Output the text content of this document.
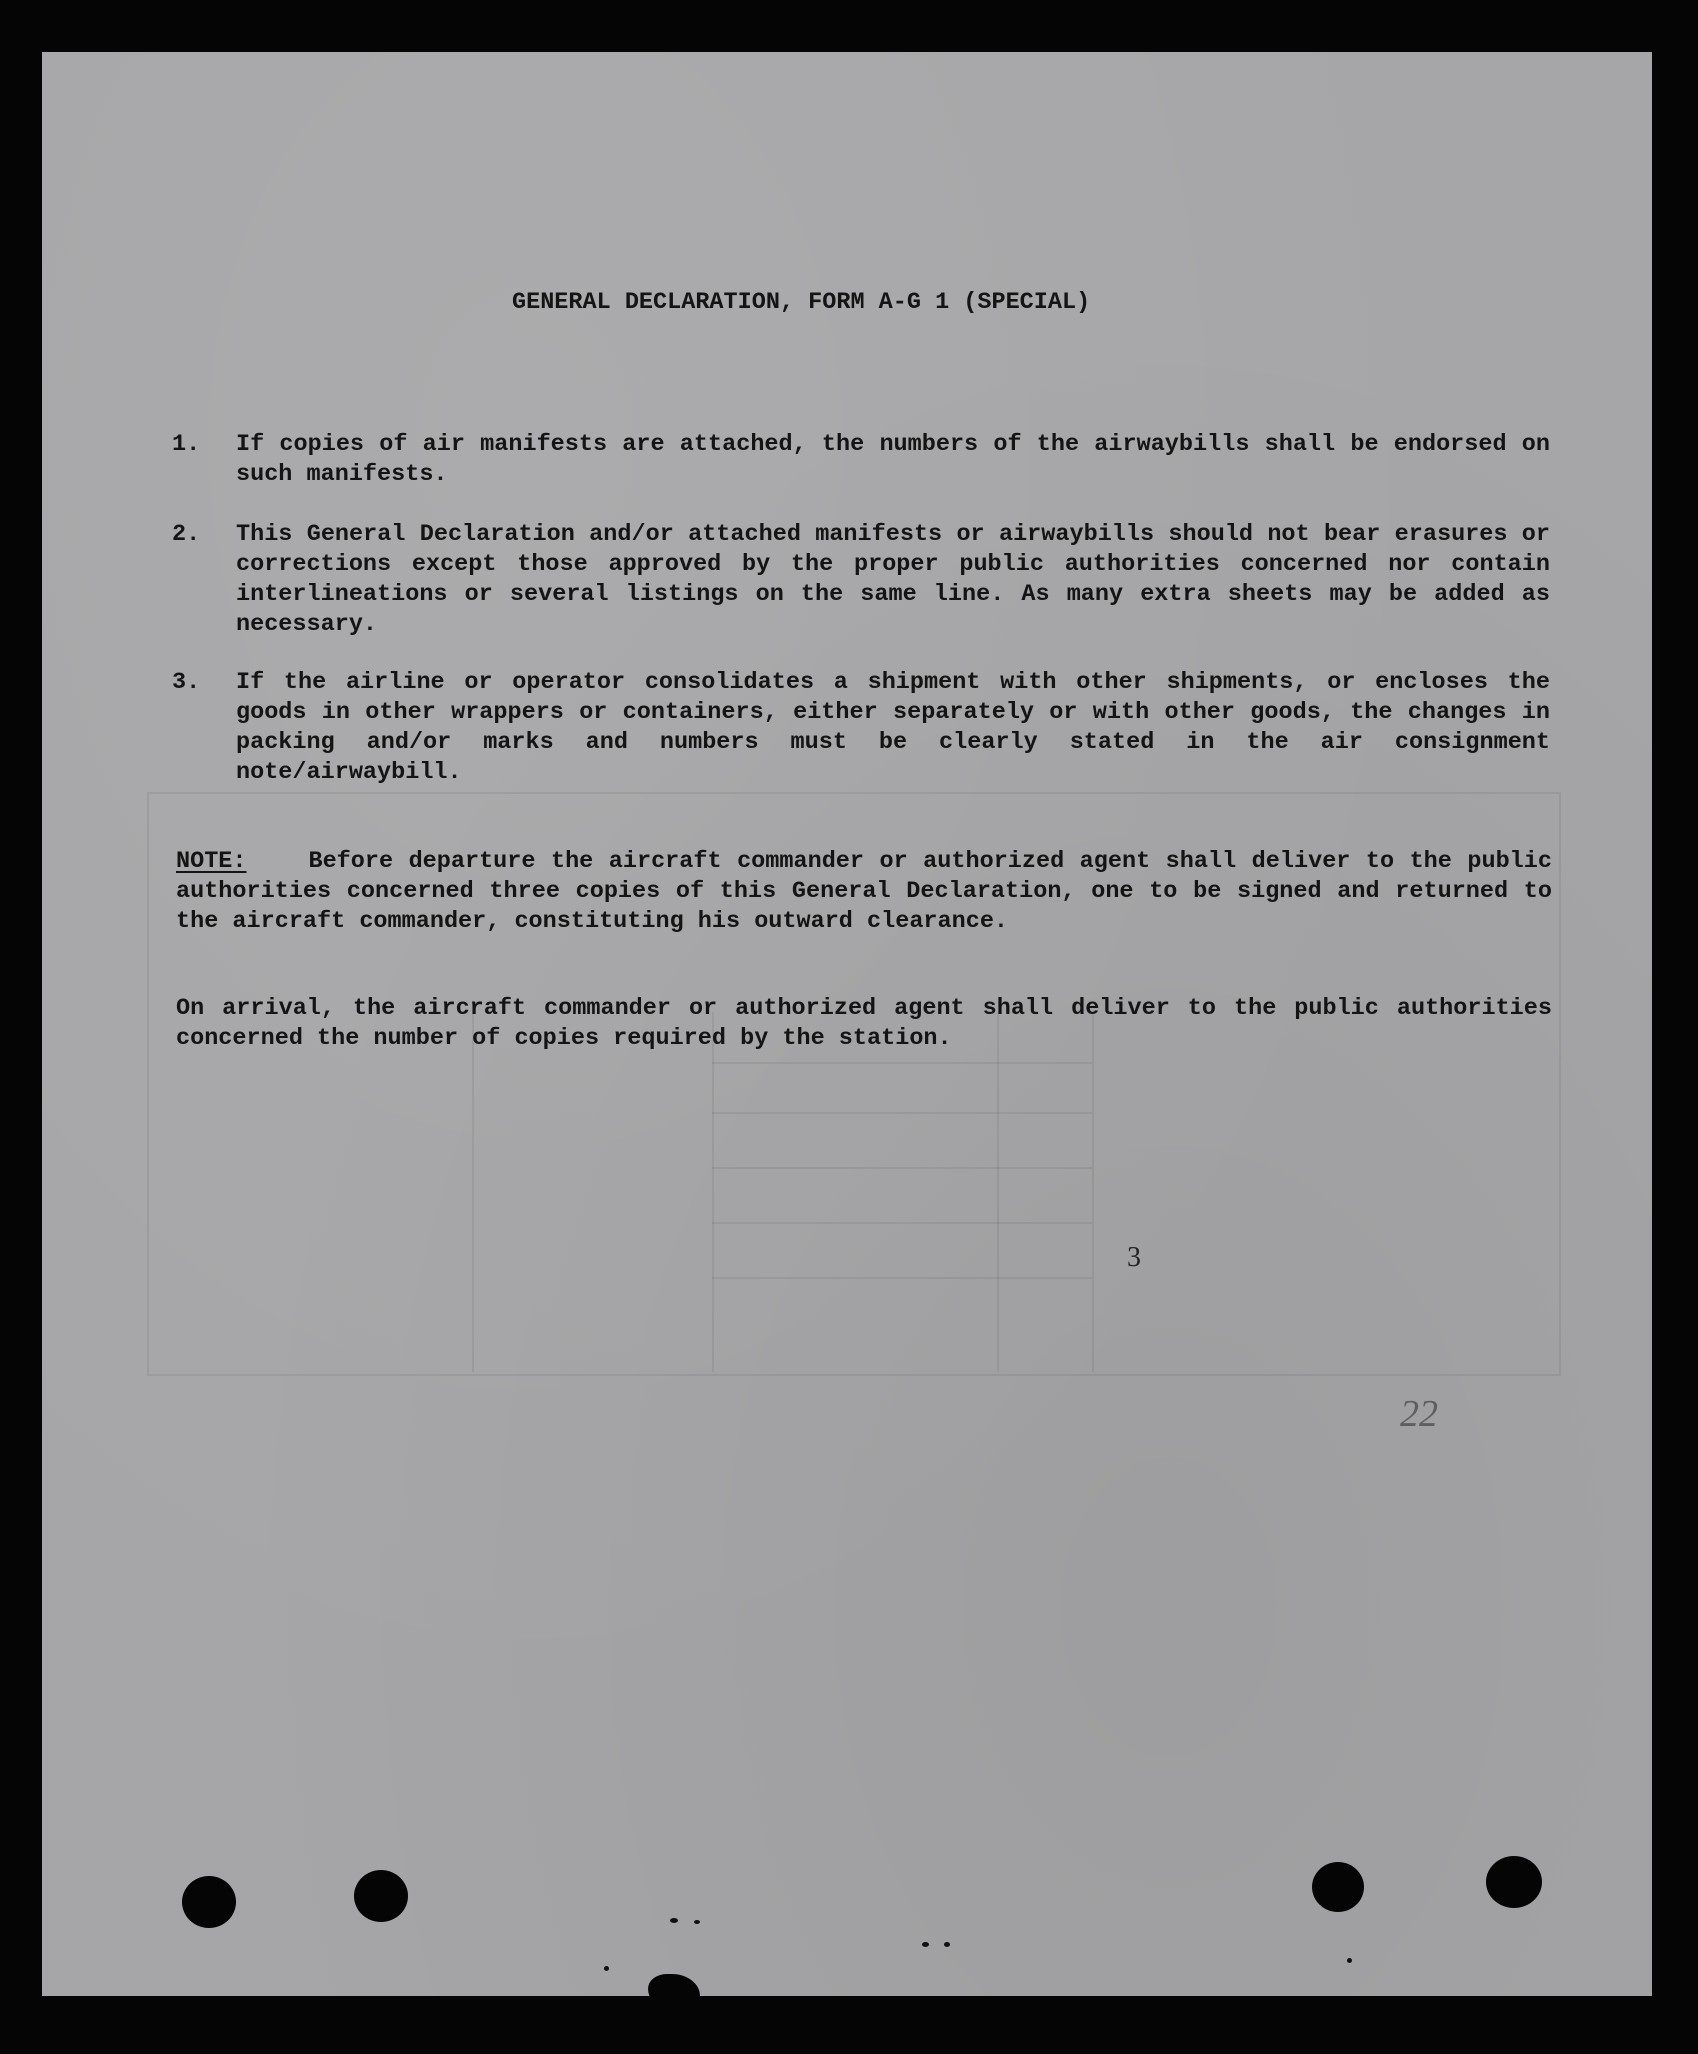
GENERAL DECLARATION, FORM A-G 1 (SPECIAL)
1. If copies of air manifests are attached, the numbers of the airwaybills shall be endorsed on such manifests.
2. This General Declaration and/or attached manifests or airwaybills should not bear erasures or corrections except those approved by the proper public authorities concerned nor contain interlineations or several listings on the same line. As many extra sheets may be added as necessary.
3. If the airline or operator consolidates a shipment with other shipments, or encloses the goods in other wrappers or containers, either separately or with other goods, the changes in packing and/or marks and numbers must be clearly stated in the air consignment note/airwaybill.
NOTE:	Before departure the aircraft commander or authorized agent shall deliver to the public authorities concerned three copies of this General Declaration, one to be signed and returned to the aircraft commander, constituting his outward clearance.
On arrival, the aircraft commander or authorized agent shall deliver to the public authorities concerned the number of copies required by the station.
3
22
